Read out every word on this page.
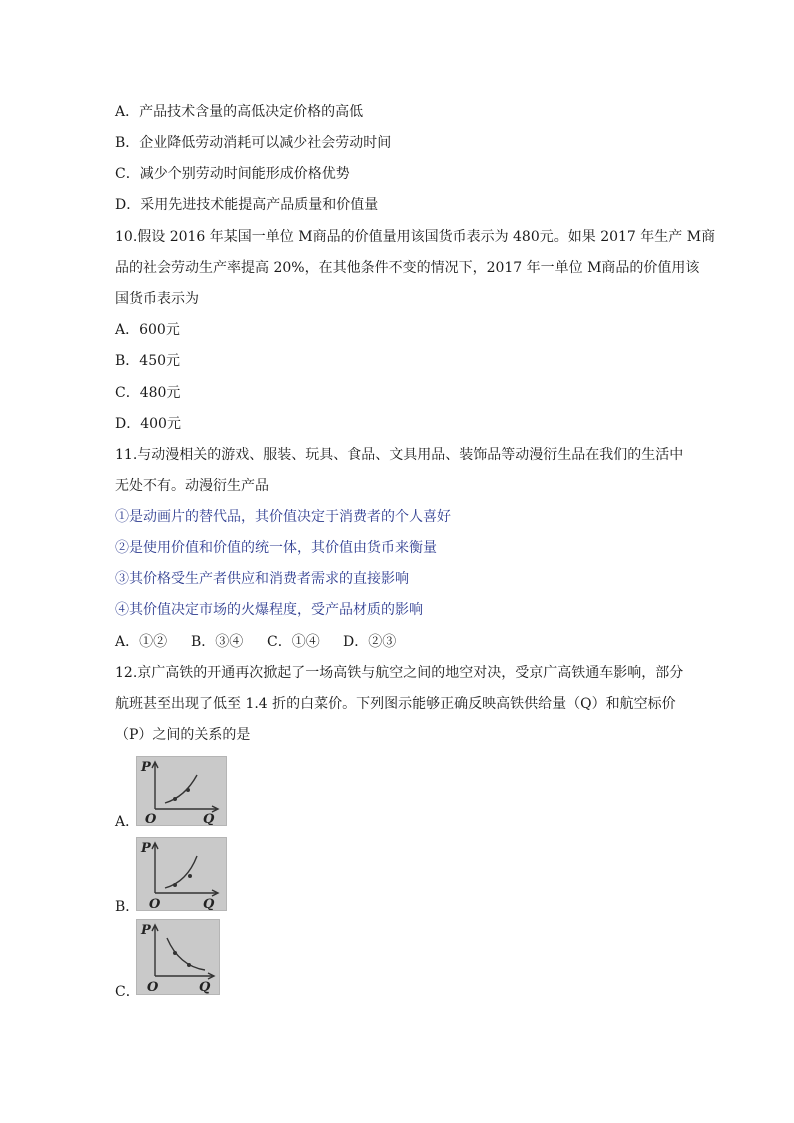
A．产品技术含量的高低决定价格的高低
B．企业降低劳动消耗可以减少社会劳动时间
C．减少个别劳动时间能形成价格优势
D．采用先进技术能提高产品质量和价值量
10.假设 2016 年某国一单位 M商品的价值量用该国货币表示为 480元。如果 2017 年生产 M商
品的社会劳动生产率提高 20%，在其他条件不变的情况下，2017 年一单位 M商品的价值用该
国货币表示为
A．600元
B．450元
C．480元
D．400元
11.与动漫相关的游戏、服装、玩具、食品、文具用品、装饰品等动漫衍生品在我们的生活中
无处不有。动漫衍生产品
①是动画片的替代品，其价值决定于消费者的个人喜好
②是使用价值和价值的统一体，其价值由货币来衡量
③其价格受生产者供应和消费者需求的直接影响
④其价值决定市场的火爆程度，受产品材质的影响
A．①② B．③④ C．①④ D．②③
12.京广高铁的开通再次掀起了一场高铁与航空之间的地空对决，受京广高铁通车影响，部分
航班甚至出现了低至 1.4 折的白菜价。下列图示能够正确反映高铁供给量（Q）和航空标价
（P）之间的关系的是
P
O	Q
A．
P
O	Q
B．
P
O	Q
C．
